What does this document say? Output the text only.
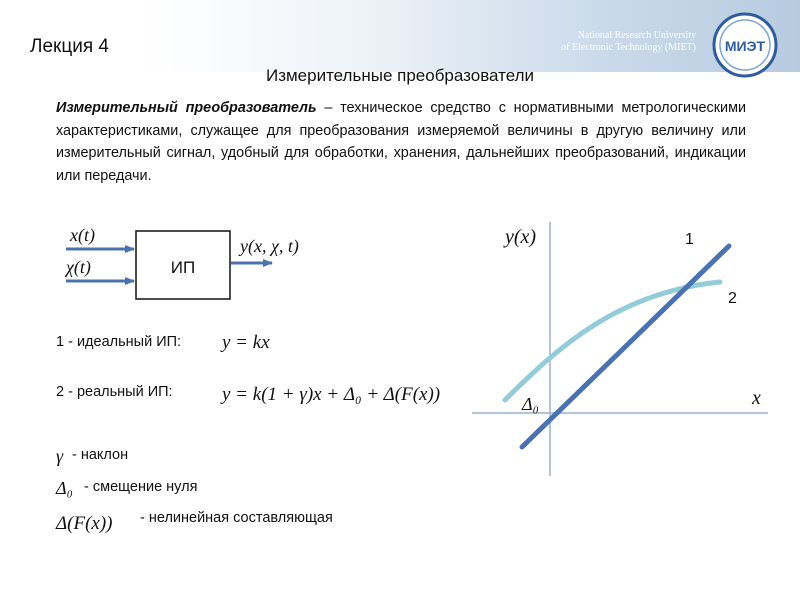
Лекция 4
National Research University
of Electronic Technology (MIET) МИЭТ
Измерительные преобразователи
Измерительный преобразователь – техническое средство с нормативными метрологическими характеристиками, служащее для преобразования измеряемой величины в другую величину или измерительный сигнал, удобный для обработки, хранения, дальнейших преобразований, индикации или передачи.
ИП
x(t)
χ(t)
y(x, χ, t)	y(x)
x
Δ₀
1
2
y = kx
y = k(1 + γ)x + Δ₀ + Δ(F(x))
γ
Δ₀
Δ(F(x))
1 - идеальный ИП:
2 - реальный ИП:
- наклон
- смещение нуля
- нелинейная составляющая
